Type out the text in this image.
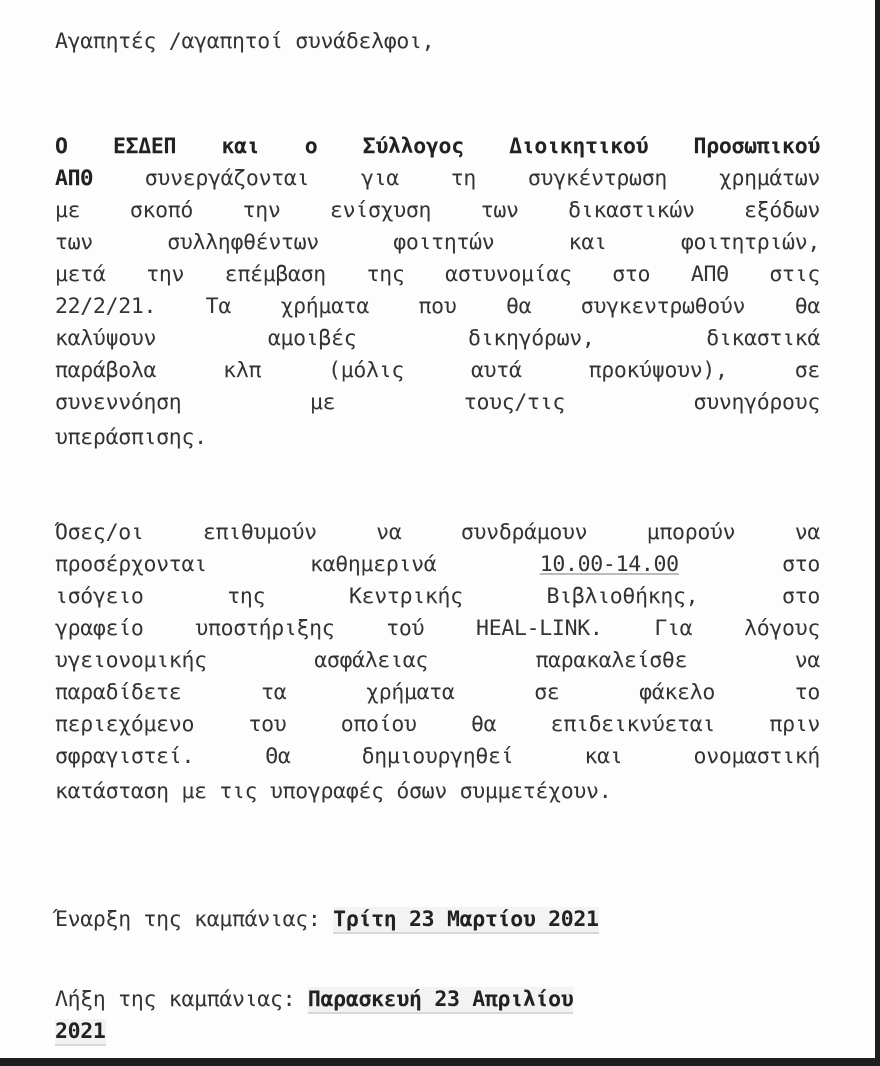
Αγαπητές /αγαπητοί συνάδελφοι,
Ο ΕΣΔΕΠ και ο Σύλλογος Διοικητικού Προσωπικού
ΑΠΘ συνεργάζονται για τη συγκέντρωση χρημάτων
με σκοπό την ενίσχυση των δικαστικών εξόδων
των συλληφθέντων φοιτητών και φοιτητριών,
μετά την επέμβαση της αστυνομίας στο ΑΠΘ στις
22/2/21. Τα χρήματα που θα συγκεντρωθούν θα
καλύψουν αμοιβές δικηγόρων, δικαστικά
παράβολα κλπ (μόλις αυτά προκύψουν), σε
συνεννόηση με τους/τις συνηγόρους
υπεράσπισης.
Όσες/οι επιθυμούν να συνδράμουν μπορούν να
προσέρχονται καθημερινά	10.00-14.00	στο
ισόγειο της Κεντρικής Βιβλιοθήκης, στο
γραφείο υποστήριξης τού HEAL-LINK. Για λόγους
υγειονομικής ασφάλειας παρακαλείσθε να
παραδίδετε τα χρήματα σε φάκελο το
περιεχόμενο του οποίου θα επιδεικνύεται πριν
σφραγιστεί. Θα δημιουργηθεί και ονομαστική
κατάσταση με τις υπογραφές όσων συμμετέχουν.
Έναρξη της καμπάνιας: Τρίτη 23 Μαρτίου 2021
Λήξη της καμπάνιας: Παρασκευή 23 Απριλίου
2021
